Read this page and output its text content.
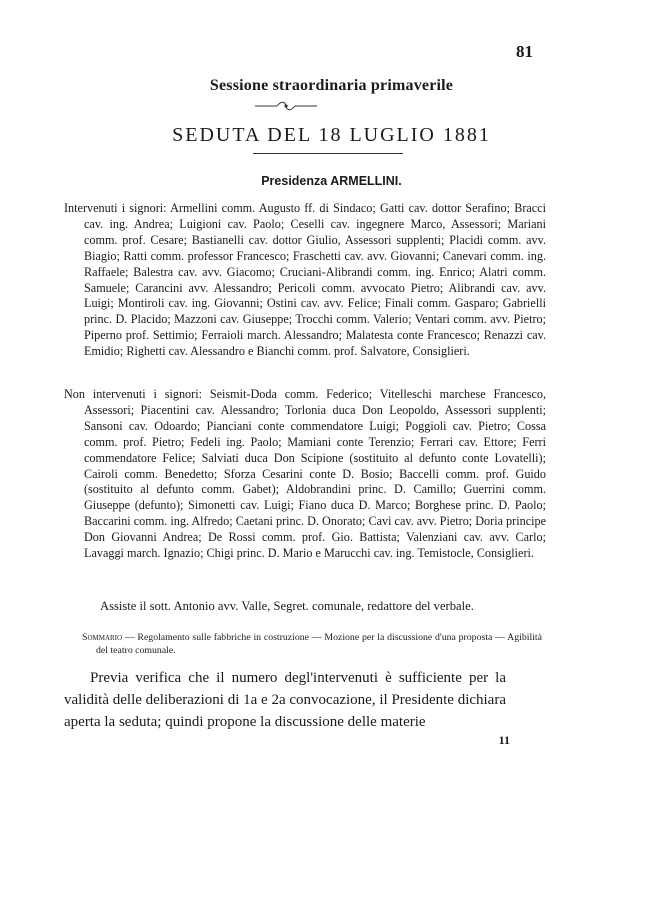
81
Sessione straordinaria primaverile
SEDUTA DEL 18 LUGLIO 1881
Presidenza ARMELLINI.
Intervenuti i signori: Armellini comm. Augusto ff. di Sindaco; Gatti cav. dottor Serafino; Bracci cav. ing. Andrea; Luigioni cav. Paolo; Ceselli cav. ingegnere Marco, Assessori; Mariani comm. prof. Cesare; Bastianelli cav. dottor Giulio, Assessori supplenti; Placidi comm. avv. Biagio; Ratti comm. professor Francesco; Fraschetti cav. avv. Giovanni; Canevari comm. ing. Raffaele; Balestra cav. avv. Giacomo; Cruciani-Alibrandi comm. ing. Enrico; Alatri comm. Samuele; Carancini avv. Alessandro; Pericoli comm. avvocato Pietro; Alibrandi cav. avv. Luigi; Montiroli cav. ing. Giovanni; Ostini cav. avv. Felice; Finali comm. Gasparo; Gabrielli princ. D. Placido; Mazzoni cav. Giuseppe; Trocchi comm. Valerio; Ventari comm. avv. Pietro; Piperno prof. Settimio; Ferraioli march. Alessandro; Malatesta conte Francesco; Renazzi cav. Emidio; Righetti cav. Alessandro e Bianchi comm. prof. Salvatore, Consiglieri.
Non intervenuti i signori: Seismit-Doda comm. Federico; Vitelleschi marchese Francesco, Assessori; Piacentini cav. Alessandro; Torlonia duca Don Leopoldo, Assessori supplenti; Sansoni cav. Odoardo; Pianciani conte commendatore Luigi; Poggioli cav. Pietro; Cossa comm. prof. Pietro; Fedeli ing. Paolo; Mamiani conte Terenzio; Ferrari cav. Ettore; Ferri commendatore Felice; Salviati duca Don Scipione (sostituito al defunto conte Lovatelli); Cairoli comm. Benedetto; Sforza Cesarini conte D. Bosio; Baccelli comm. prof. Guido (sostituito al defunto comm. Gabet); Aldobrandini princ. D. Camillo; Guerrini comm. Giuseppe (defunto); Simonetti cav. Luigi; Fiano duca D. Marco; Borghese princ. D. Paolo; Baccarini comm. ing. Alfredo; Caetani princ. D. Onorato; Cavi cav. avv. Pietro; Doria principe Don Giovanni Andrea; De Rossi comm. prof. Gio. Battista; Valenziani cav. avv. Carlo; Lavaggi march. Ignazio; Chigi princ. D. Mario e Marucchi cav. ing. Temistocle, Consiglieri.
Assiste il sott. Antonio avv. Valle, Segret. comunale, redattore del verbale.
Sommario — Regolamento sulle fabbriche in costruzione — Mozione per la discussione d'una proposta — Agibilità del teatro comunale.
Previa verifica che il numero degl'intervenuti è sufficiente per la validità delle deliberazioni di 1a e 2a convocazione, il Presidente dichiara aperta la seduta; quindi propone la discussione delle materie
11
